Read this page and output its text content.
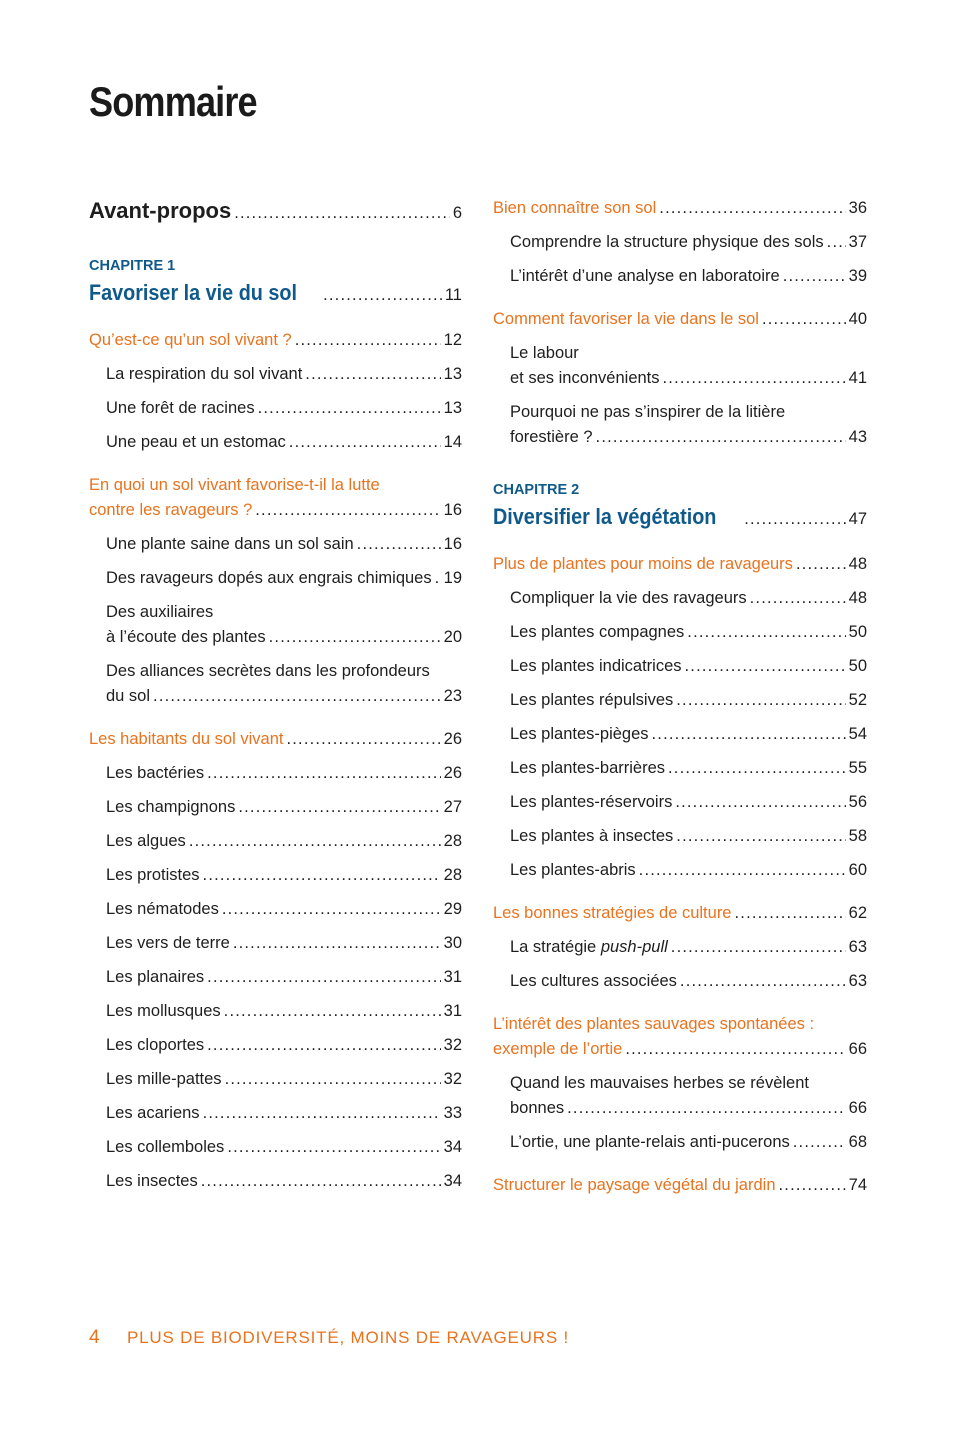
Sommaire
Avant-propos .....	6
CHAPITRE 1
Favoriser la vie du sol .....	11
Qu’est-ce qu’un sol vivant ? .....	12
La respiration du sol vivant .....	13
Une forêt de racines .....	13
Une peau et un estomac .....	14
En quoi un sol vivant favorise-t-il la lutte
contre les ravageurs ? .....	16
Une plante saine dans un sol sain .....	16
Des ravageurs dopés aux engrais chimiques ..... 19
Des auxiliaires
à l’écoute des plantes .....	20
Des alliances secrètes dans les profondeurs
du sol .....	23
Les habitants du sol vivant .....	26
Les bactéries .....	26
Les champignons .....	27
Les algues .....	28
Les protistes .....	28
Les nématodes .....	29
Les vers de terre .....	30
Les planaires .....	31
Les mollusques .....	31
Les cloportes .....	32
Les mille-pattes .....	32
Les acariens .....	33
Les collemboles .....	34
Les insectes .....	34
Bien connaître son sol .....	36
Comprendre la structure physique des sols ..... 37
L’intérêt d’une analyse en laboratoire .....	39
Comment favoriser la vie dans le sol .....	40
Le labour
et ses inconvénients .....	41
Pourquoi ne pas s’inspirer de la litière
forestière ? .....	43
CHAPITRE 2
Diversifier la végétation .....	47
Plus de plantes pour moins de ravageurs .....	48
Compliquer la vie des ravageurs .....	48
Les plantes compagnes .....	50
Les plantes indicatrices .....	50
Les plantes répulsives .....	52
Les plantes-pièges .....	54
Les plantes-barrières .....	55
Les plantes-réservoirs .....	56
Les plantes à insectes .....	58
Les plantes-abris .....	60
Les bonnes stratégies de culture .....	62
La stratégie push-pull .....	63
Les cultures associées .....	63
L’intérêt des plantes sauvages spontanées :
exemple de l’ortie .....	66
Quand les mauvaises herbes se révèlent
bonnes .....	66
L’ortie, une plante-relais anti-pucerons .....	68
Structurer le paysage végétal du jardin .....	74
4 PLUS DE BIODIVERSITÉ, MOINS DE RAVAGEURS !
